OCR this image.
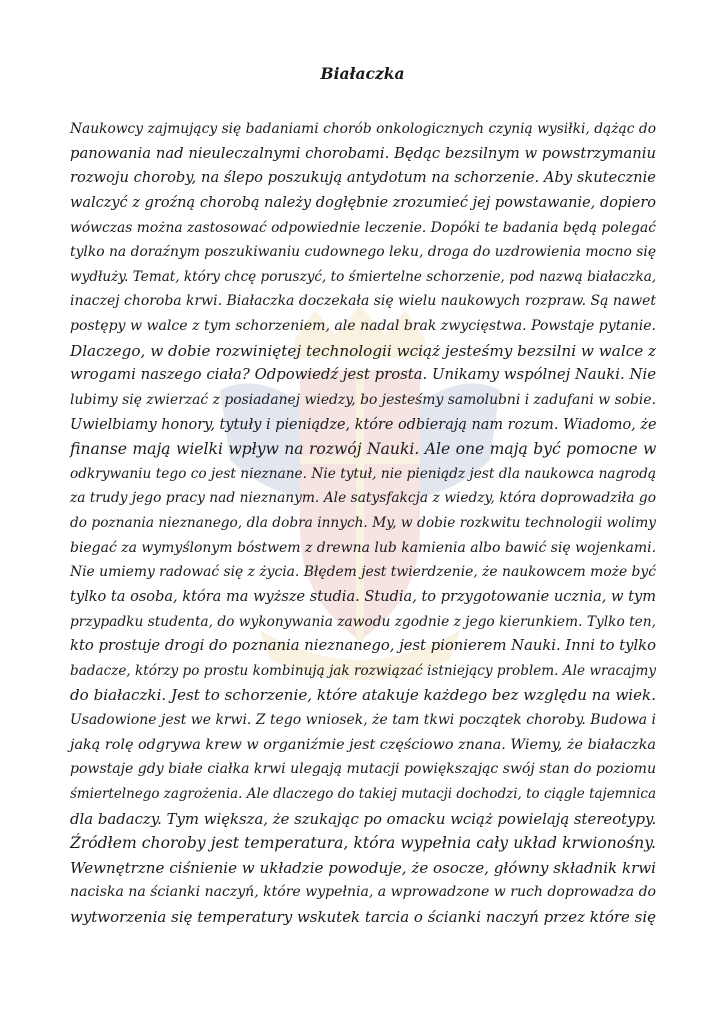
Białaczka
Naukowcy zajmujący się badaniami chorób onkologicznych czynią wysiłki, dążąc do
panowania nad nieuleczalnymi chorobami. Będąc bezsilnym w powstrzymaniu
rozwoju choroby, na ślepo poszukują antydotum na schorzenie. Aby skutecznie
walczyć z groźną chorobą należy dogłębnie zrozumieć jej powstawanie, dopiero
wówczas można zastosować odpowiednie leczenie. Dopóki te badania będą polegać
tylko na doraźnym poszukiwaniu cudownego leku, droga do uzdrowienia mocno się
wydłuży. Temat, który chcę poruszyć, to śmiertelne schorzenie, pod nazwą białaczka,
inaczej choroba krwi. Białaczka doczekała się wielu naukowych rozpraw. Są nawet
postępy w walce z tym schorzeniem, ale nadal brak zwycięstwa. Powstaje pytanie.
Dlaczego, w dobie rozwiniętej technologii wciąż jesteśmy bezsilni w walce z
wrogami naszego ciała? Odpowiedź jest prosta. Unikamy wspólnej Nauki. Nie
lubimy się zwierzać z posiadanej wiedzy, bo jesteśmy samolubni i zadufani w sobie.
Uwielbiamy honory, tytuły i pieniądze, które odbierają nam rozum. Wiadomo, że
finanse mają wielki wpływ na rozwój Nauki. Ale one mają być pomocne w
odkrywaniu tego co jest nieznane. Nie tytuł, nie pieniądz jest dla naukowca nagrodą
za trudy jego pracy nad nieznanym. Ale satysfakcja z wiedzy, która doprowadziła go
do poznania nieznanego, dla dobra innych. My, w dobie rozkwitu technologii wolimy
biegać za wymyślonym bóstwem z drewna lub kamienia albo bawić się wojenkami.
Nie umiemy radować się z życia. Błędem jest twierdzenie, że naukowcem może być
tylko ta osoba, która ma wyższe studia. Studia, to przygotowanie ucznia, w tym
przypadku studenta, do wykonywania zawodu zgodnie z jego kierunkiem. Tylko ten,
kto prostuje drogi do poznania nieznanego, jest pionierem Nauki. Inni to tylko
badacze, którzy po prostu kombinują jak rozwiązać istniejący problem. Ale wracajmy
do białaczki. Jest to schorzenie, które atakuje każdego bez względu na wiek.
Usadowione jest we krwi. Z tego wniosek, że tam tkwi początek choroby. Budowa i
jaką rolę odgrywa krew w organiźmie jest częściowo znana. Wiemy, że białaczka
powstaje gdy białe ciałka krwi ulegają mutacji powiększając swój stan do poziomu
śmiertelnego zagrożenia. Ale dlaczego do takiej mutacji dochodzi, to ciągle tajemnica
dla badaczy. Tym większa, że szukając po omacku wciąż powielają stereotypy.
Źródłem choroby jest temperatura, która wypełnia cały układ krwionośny.
Wewnętrzne ciśnienie w układzie powoduje, że osocze, główny składnik krwi
naciska na ścianki naczyń, które wypełnia, a wprowadzone w ruch doprowadza do
wytworzenia się temperatury wskutek tarcia o ścianki naczyń przez które się
